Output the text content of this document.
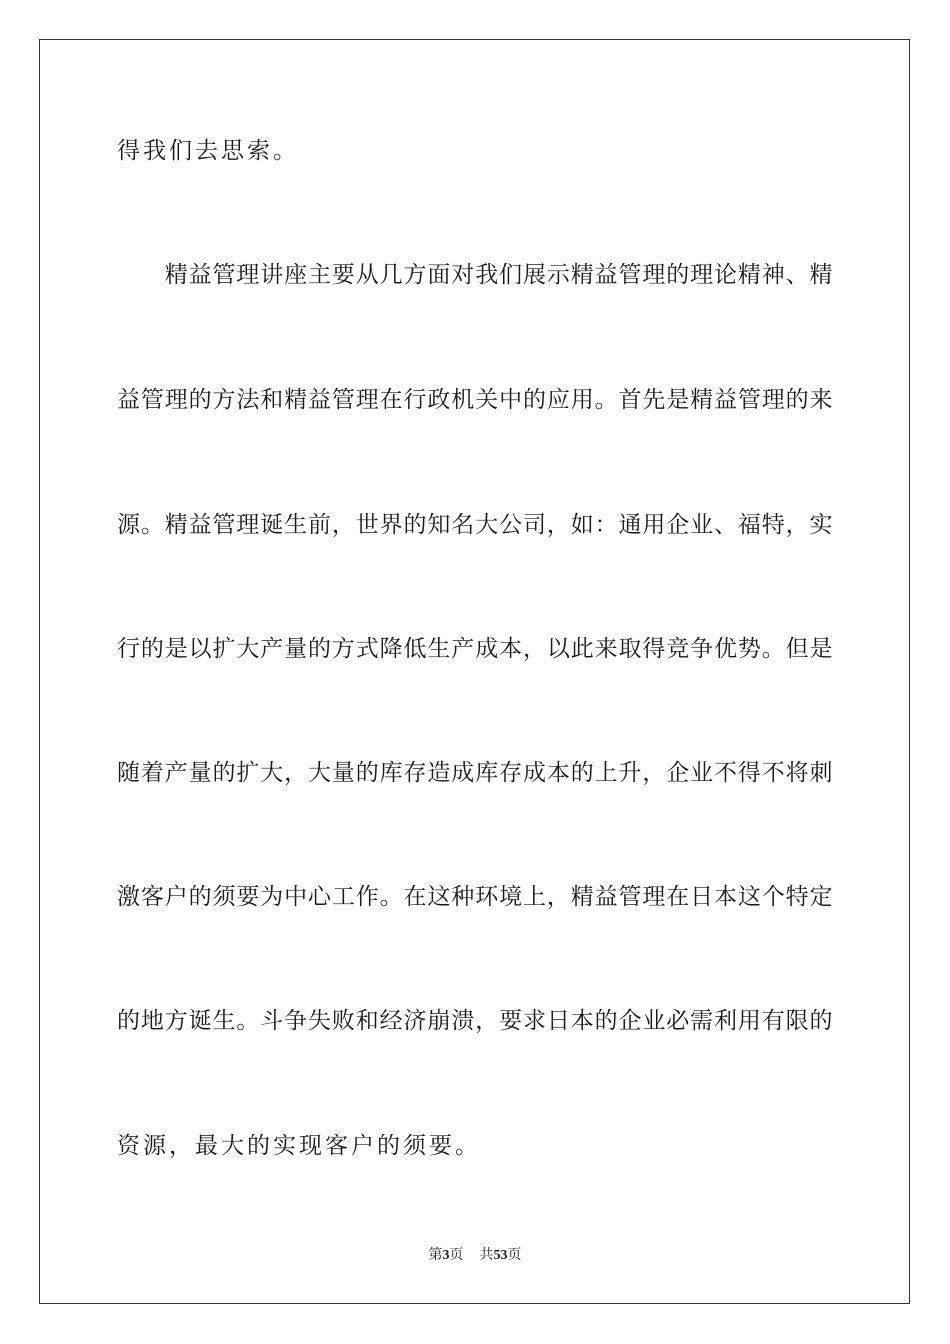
得我们去思索。
　　精益管理讲座主要从几方面对我们展示精益管理的理论精神、精
益管理的方法和精益管理在行政机关中的应用。首先是精益管理的来
源。精益管理诞生前，世界的知名大公司，如：通用企业、福特，实
行的是以扩大产量的方式降低生产成本，以此来取得竞争优势。但是
随着产量的扩大，大量的库存造成库存成本的上升，企业不得不将刺
激客户的须要为中心工作。在这种环境上，精益管理在日本这个特定
的地方诞生。斗争失败和经济崩溃，要求日本的企业必需利用有限的
资源，最大的实现客户的须要。
第3页 共53页
